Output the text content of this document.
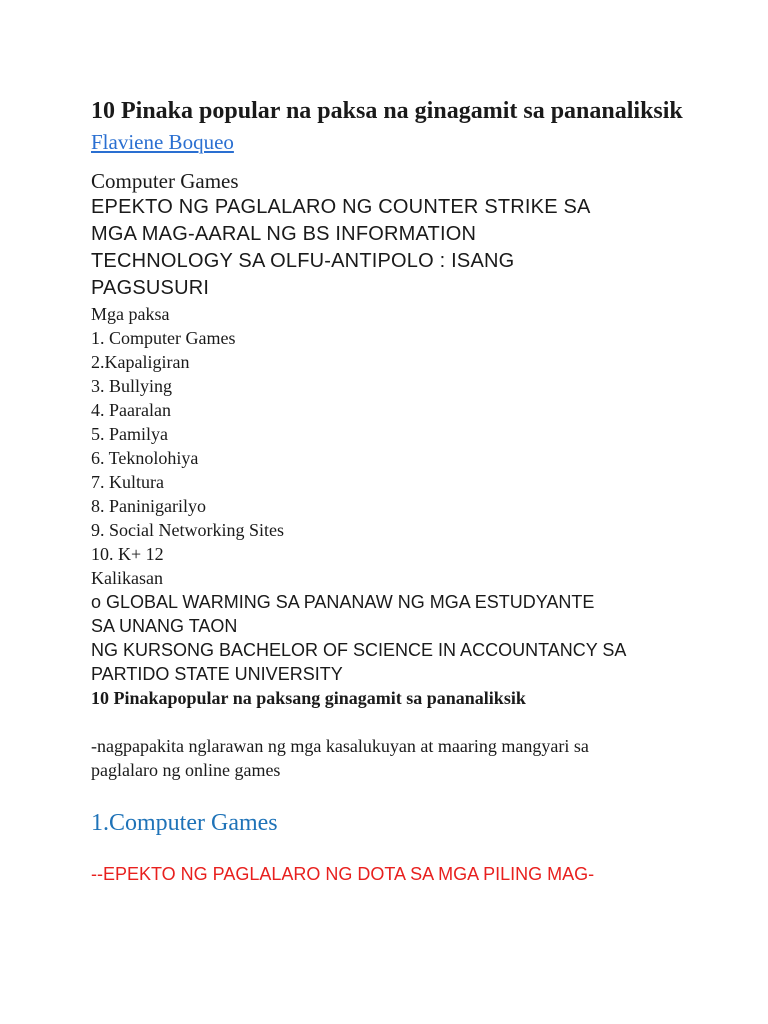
10 Pinaka popular na paksa na ginagamit sa pananaliksik
Flaviene Boqueo
Computer Games
EPEKTO NG PAGLALARO NG COUNTER STRIKE SA
MGA MAG-AARAL NG BS INFORMATION
TECHNOLOGY SA OLFU-ANTIPOLO : ISANG
PAGSUSURI
Mga paksa
1. Computer Games
2.Kapaligiran
3. Bullying
4. Paaralan
5. Pamilya
6. Teknolohiya
7. Kultura
8. Paninigarilyo
9. Social Networking Sites
10. K+ 12
Kalikasan
o GLOBAL WARMING SA PANANAW NG MGA ESTUDYANTE
SA UNANG TAON
NG KURSONG BACHELOR OF SCIENCE IN ACCOUNTANCY SA
PARTIDO STATE UNIVERSITY
10 Pinakapopular na paksang ginagamit sa pananaliksik
-nagpapakita nglarawan ng mga kasalukuyan at maaring mangyari sa
paglalaro ng online games
1.Computer Games
--EPEKTO NG PAGLALARO NG DOTA SA MGA PILING MAG-
